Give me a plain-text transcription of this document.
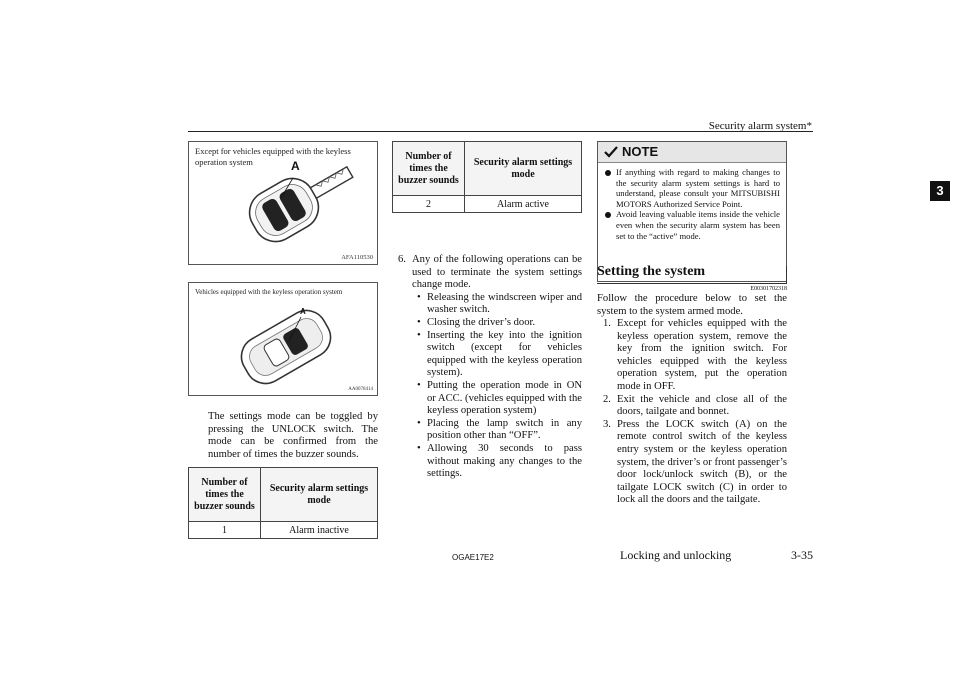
Security alarm system*
3
Except for vehicles equipped with the keyless operation system	A
AFA110530
Vehicles equipped with the keyless operation system
A
AA0078414
The settings mode can be toggled by pressing the UNLOCK switch. The mode can be confirmed from the number of times the buzzer sounds.
Number of times the buzzer sounds	Security alarm settings mode
1	Alarm inactive
Number of times the buzzer sounds	Security alarm settings mode
2	Alarm active
6. Any of the following operations can be used to terminate the system settings change mode.
• Releasing the windscreen wiper and washer switch.
• Closing the driver’s door.
• Inserting the key into the ignition switch (except for vehicles equipped with the keyless operation system).
• Putting the operation mode in ON or ACC. (vehicles equipped with the keyless operation system)
• Placing the lamp switch in any position other than “OFF”.
• Allowing 30 seconds to pass without making any changes to the settings.
NOTE
If anything with regard to making changes to the security alarm system settings is hard to understand, please consult your MITSUBISHI MOTORS Authorized Service Point.
Avoid leaving valuable items inside the vehicle even when the security alarm system has been set to the “active” mode.
Setting the system
E00301702318
Follow the procedure below to set the system to the system armed mode.
1. Except for vehicles equipped with the keyless operation system, remove the key from the ignition switch. For vehicles equipped with the keyless operation system, put the operation mode in OFF.
2. Exit the vehicle and close all of the doors, tailgate and bonnet.
3. Press the LOCK switch (A) on the remote control switch of the keyless entry system or the keyless operation system, the driver’s or front passenger’s door lock/unlock switch (B), or the tailgate LOCK switch (C) in order to lock all the doors and the tailgate.
OGAE17E2	Locking and unlocking	3-35
